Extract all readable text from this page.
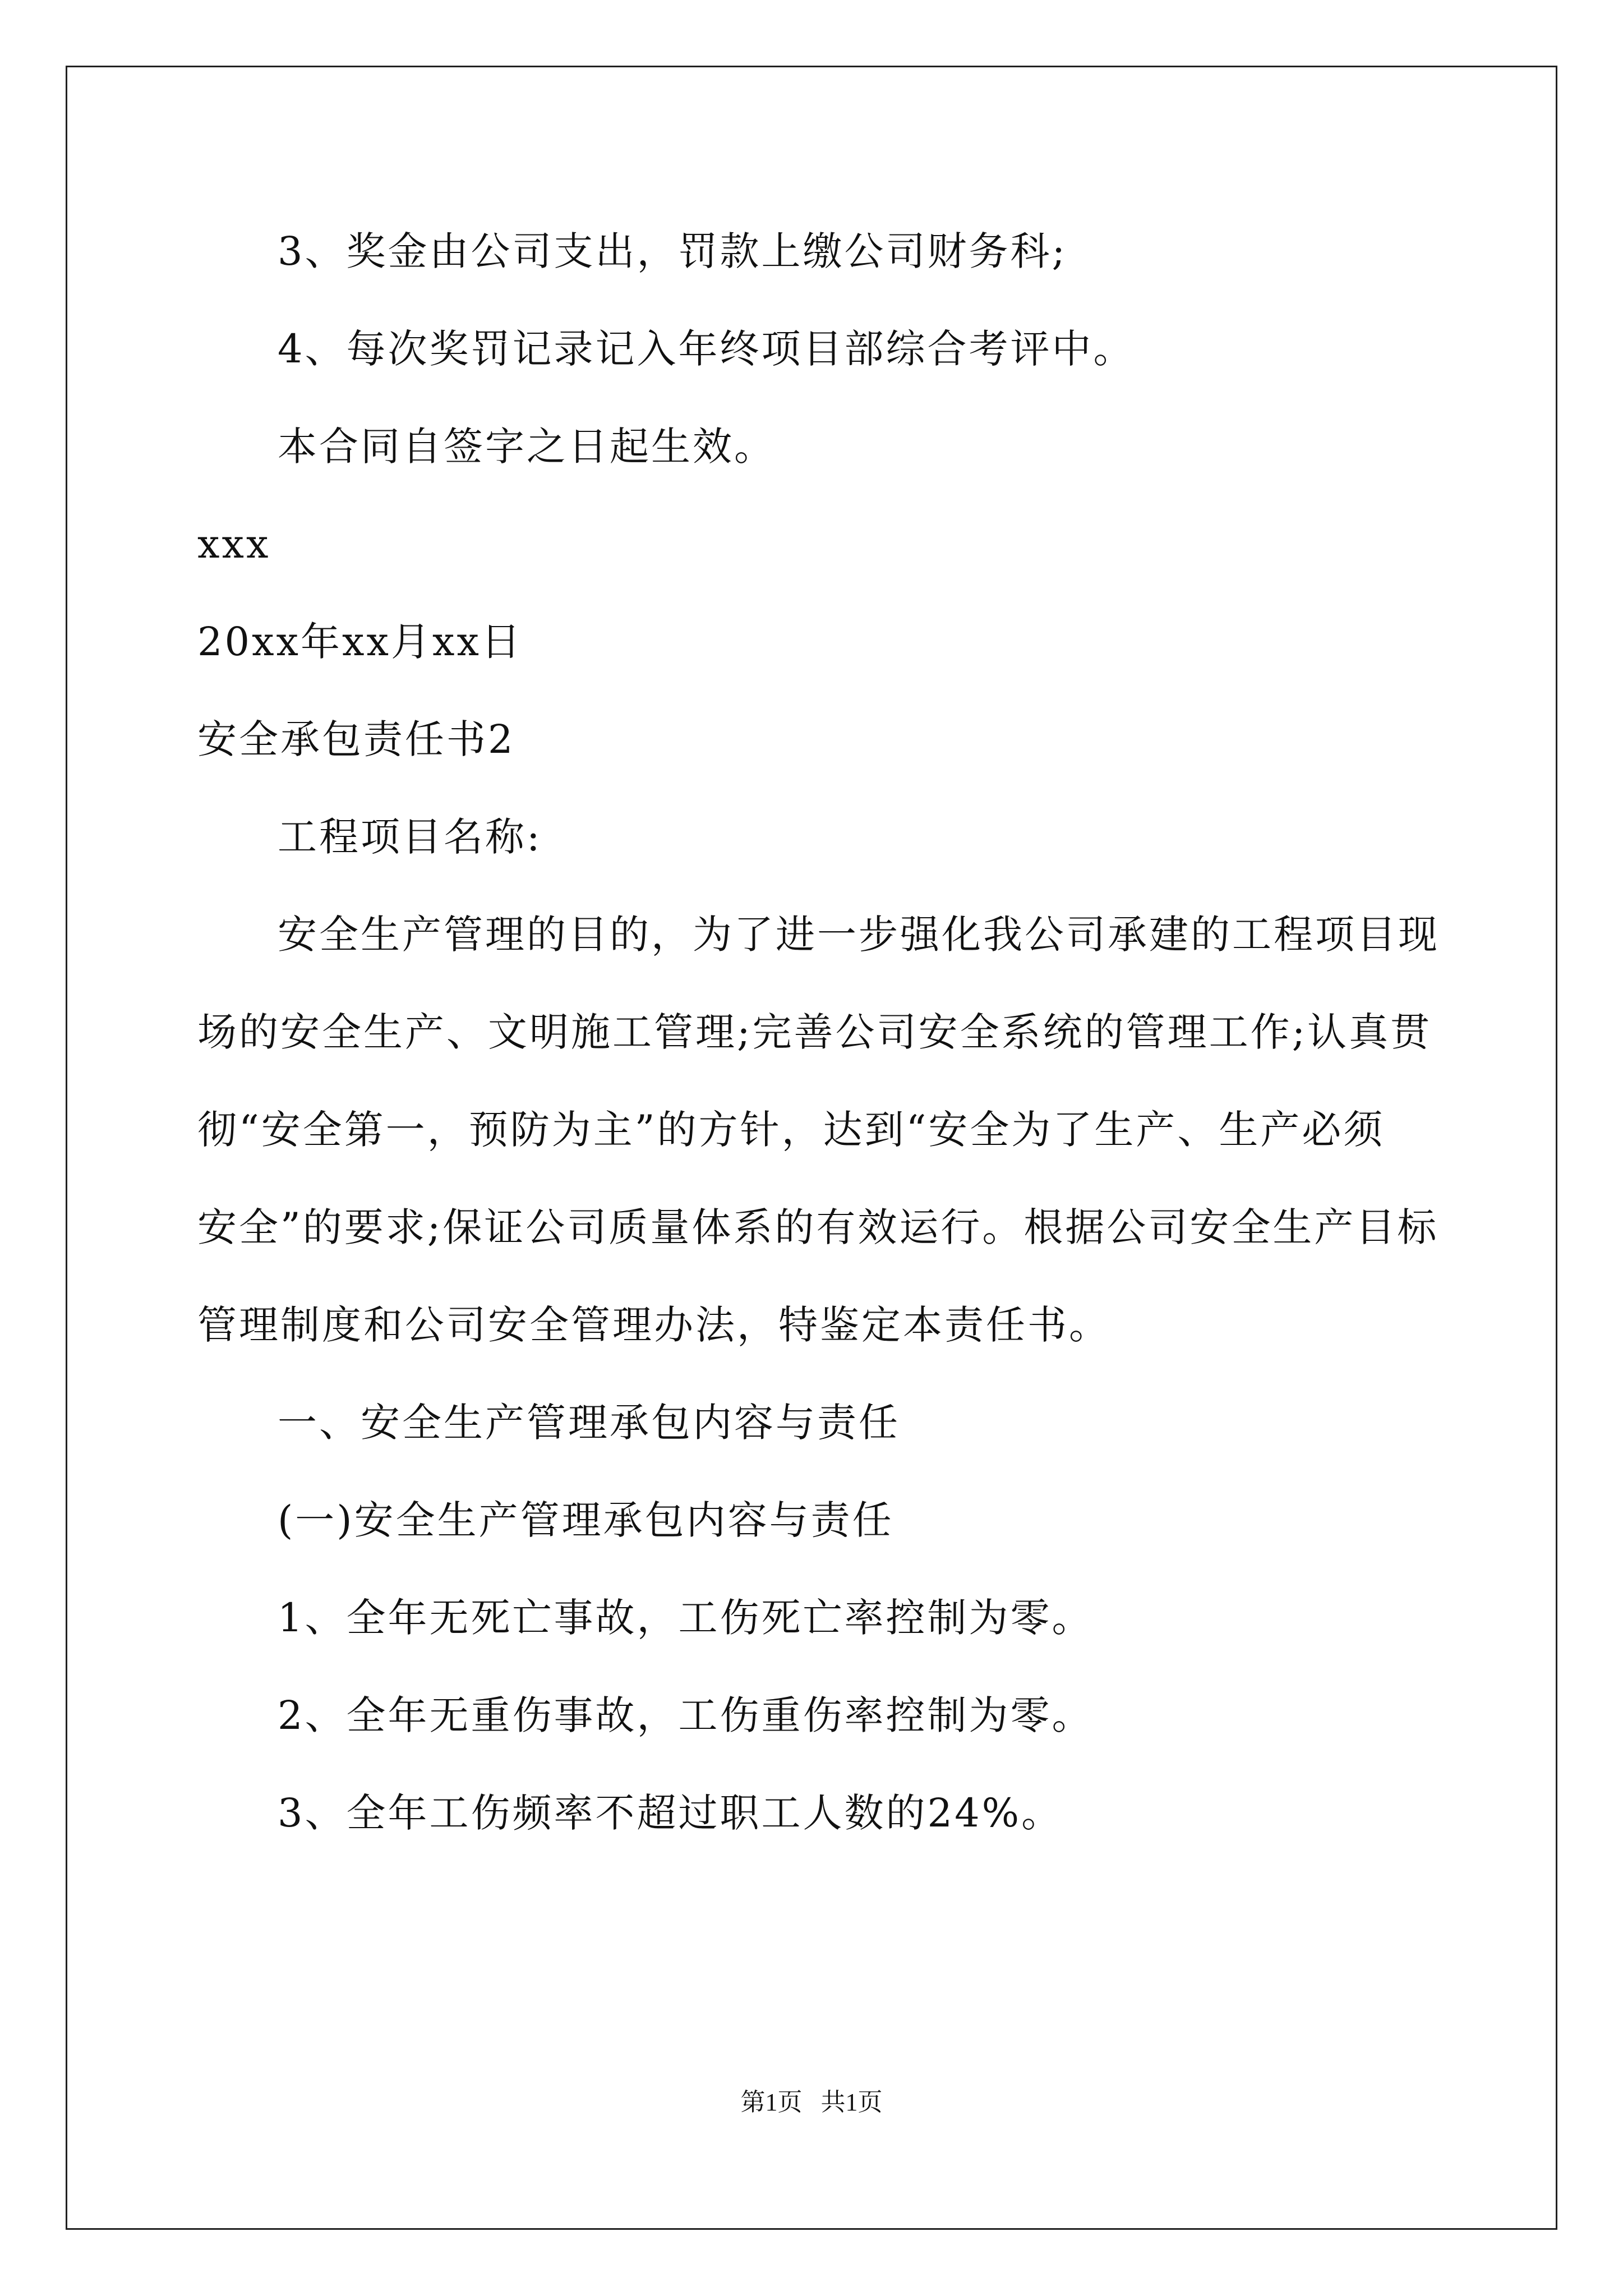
3、奖金由公司支出，罚款上缴公司财务科;
4、每次奖罚记录记入年终项目部综合考评中。
本合同自签字之日起生效。
xxx
20xx年xx月xx日
安全承包责任书2
工程项目名称:
安全生产管理的目的，为了进一步强化我公司承建的工程项目现
场的安全生产、文明施工管理;完善公司安全系统的管理工作;认真贯
彻“安全第一，预防为主”的方针，达到“安全为了生产、生产必须
安全”的要求;保证公司质量体系的有效运行。根据公司安全生产目标
管理制度和公司安全管理办法，特鉴定本责任书。
一、安全生产管理承包内容与责任
(一)安全生产管理承包内容与责任
1、全年无死亡事故，工伤死亡率控制为零。
2、全年无重伤事故，工伤重伤率控制为零。
3、全年工伤频率不超过职工人数的24%。
第1页   共1页
